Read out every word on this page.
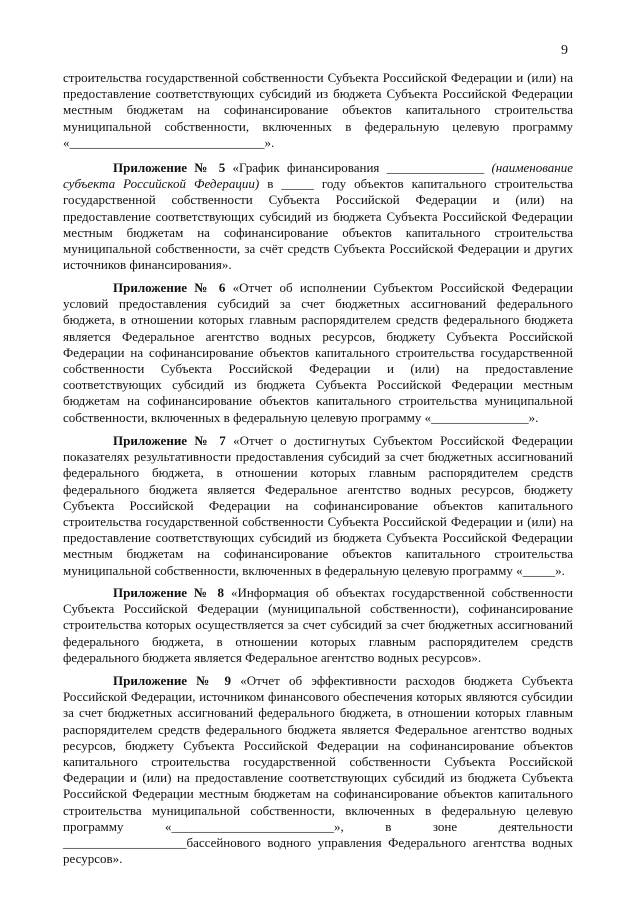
9

строительства государственной собственности Субъекта Российской Федерации и (или) на предоставление соответствующих субсидий из бюджета Субъекта Российской Федерации местным бюджетам на софинансирование объектов капитального строительства муниципальной собственности, включенных в федеральную целевую программу «______________________________».

Приложение № 5 «График финансирования _______________ (наименование субъекта Российской Федерации) в _____ году объектов капитального строительства государственной собственности Субъекта Российской Федерации и (или) на предоставление соответствующих субсидий из бюджета Субъекта Российской Федерации местным бюджетам на софинансирование объектов капитального строительства муниципальной собственности, за счёт средств Субъекта Российской Федерации и других источников финансирования».

Приложение № 6 «Отчет об исполнении Субъектом Российской Федерации условий предоставления субсидий за счет бюджетных ассигнований федерального бюджета, в отношении которых главным распорядителем средств федерального бюджета является Федеральное агентство водных ресурсов, бюджету Субъекта Российской Федерации на софинансирование объектов капитального строительства государственной собственности Субъекта Российской Федерации и (или) на предоставление соответствующих субсидий из бюджета Субъекта Российской Федерации местным бюджетам на софинансирование объектов капитального строительства муниципальной собственности, включенных в федеральную целевую программу «_______________».

Приложение № 7 «Отчет о достигнутых Субъектом Российской Федерации показателях результативности предоставления субсидий за счет бюджетных ассигнований федерального бюджета, в отношении которых главным распорядителем средств федерального бюджета является Федеральное агентство водных ресурсов, бюджету Субъекта Российской Федерации на софинансирование объектов капитального строительства государственной собственности Субъекта Российской Федерации и (или) на предоставление соответствующих субсидий из бюджета Субъекта Российской Федерации местным бюджетам на софинансирование объектов капитального строительства муниципальной собственности, включенных в федеральную целевую программу «_____».

Приложение № 8 «Информация об объектах государственной собственности Субъекта Российской Федерации (муниципальной собственности), софинансирование строительства которых осуществляется за счет субсидий за счет бюджетных ассигнований федерального бюджета, в отношении которых главным распорядителем средств федерального бюджета является Федеральное агентство водных ресурсов».

Приложение № 9 «Отчет об эффективности расходов бюджета Субъекта Российской Федерации, источником финансового обеспечения которых являются субсидии за счет бюджетных ассигнований федерального бюджета, в отношении которых главным распорядителем средств федерального бюджета является Федеральное агентство водных ресурсов, бюджету Субъекта Российской Федерации на софинансирование объектов капитального строительства государственной собственности Субъекта Российской Федерации и (или) на предоставление соответствующих субсидий из бюджета Субъекта Российской Федерации местным бюджетам на софинансирование объектов капитального строительства муниципальной собственности, включенных в федеральную целевую программу «_________________________», в зоне деятельности ___________________бассейнового водного управления Федерального агентства водных ресурсов».
